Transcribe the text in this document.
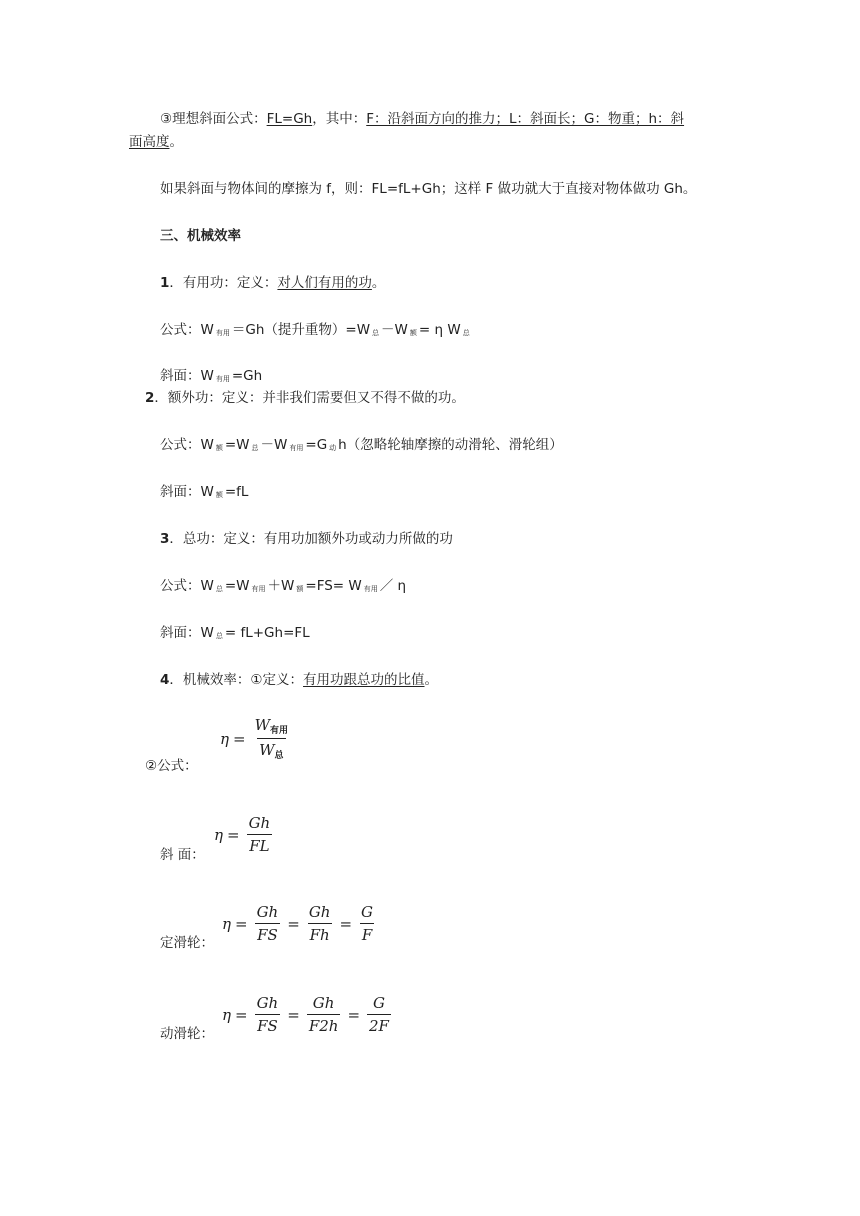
③理想斜面公式：FL=Gh，其中：F：沿斜面方向的推力；L：斜面长；G：物重；h：斜
面高度。
如果斜面与物体间的摩擦为 f，则：FL=fL+Gh；这样 F 做功就大于直接对物体做功 Gh。
三、机械效率
1．有用功：定义：对人们有用的功。
公式：W 有用 ＝Gh（提升重物）=W 总 －W 额 = η W 总
斜面：W 有用 =Gh
2．额外功：定义：并非我们需要但又不得不做的功。
公式：W 额 =W 总 －W 有用 =G 动 h（忽略轮轴摩擦的动滑轮、滑轮组）
斜面：W 额 =fL
3．总功：定义：有用功加额外功或动力所做的功
公式：W 总 =W 有用 ＋W 额 =FS= W 有用 ／ η
斜面：W 总 = fL+Gh=FL
4．机械效率：①定义：有用功跟总功的比值。
②公式：
$\eta = \frac{W_{有用}}{W_总}$
斜 面：
$\eta = \frac{Gh}{FL}$
定滑轮：
$\eta = \frac{Gh}{FS} = \frac{Gh}{Fh} = \frac{G}{F}$
动滑轮：
$\eta = \frac{Gh}{FS} = \frac{Gh}{F2h} = \frac{G}{2F}$
